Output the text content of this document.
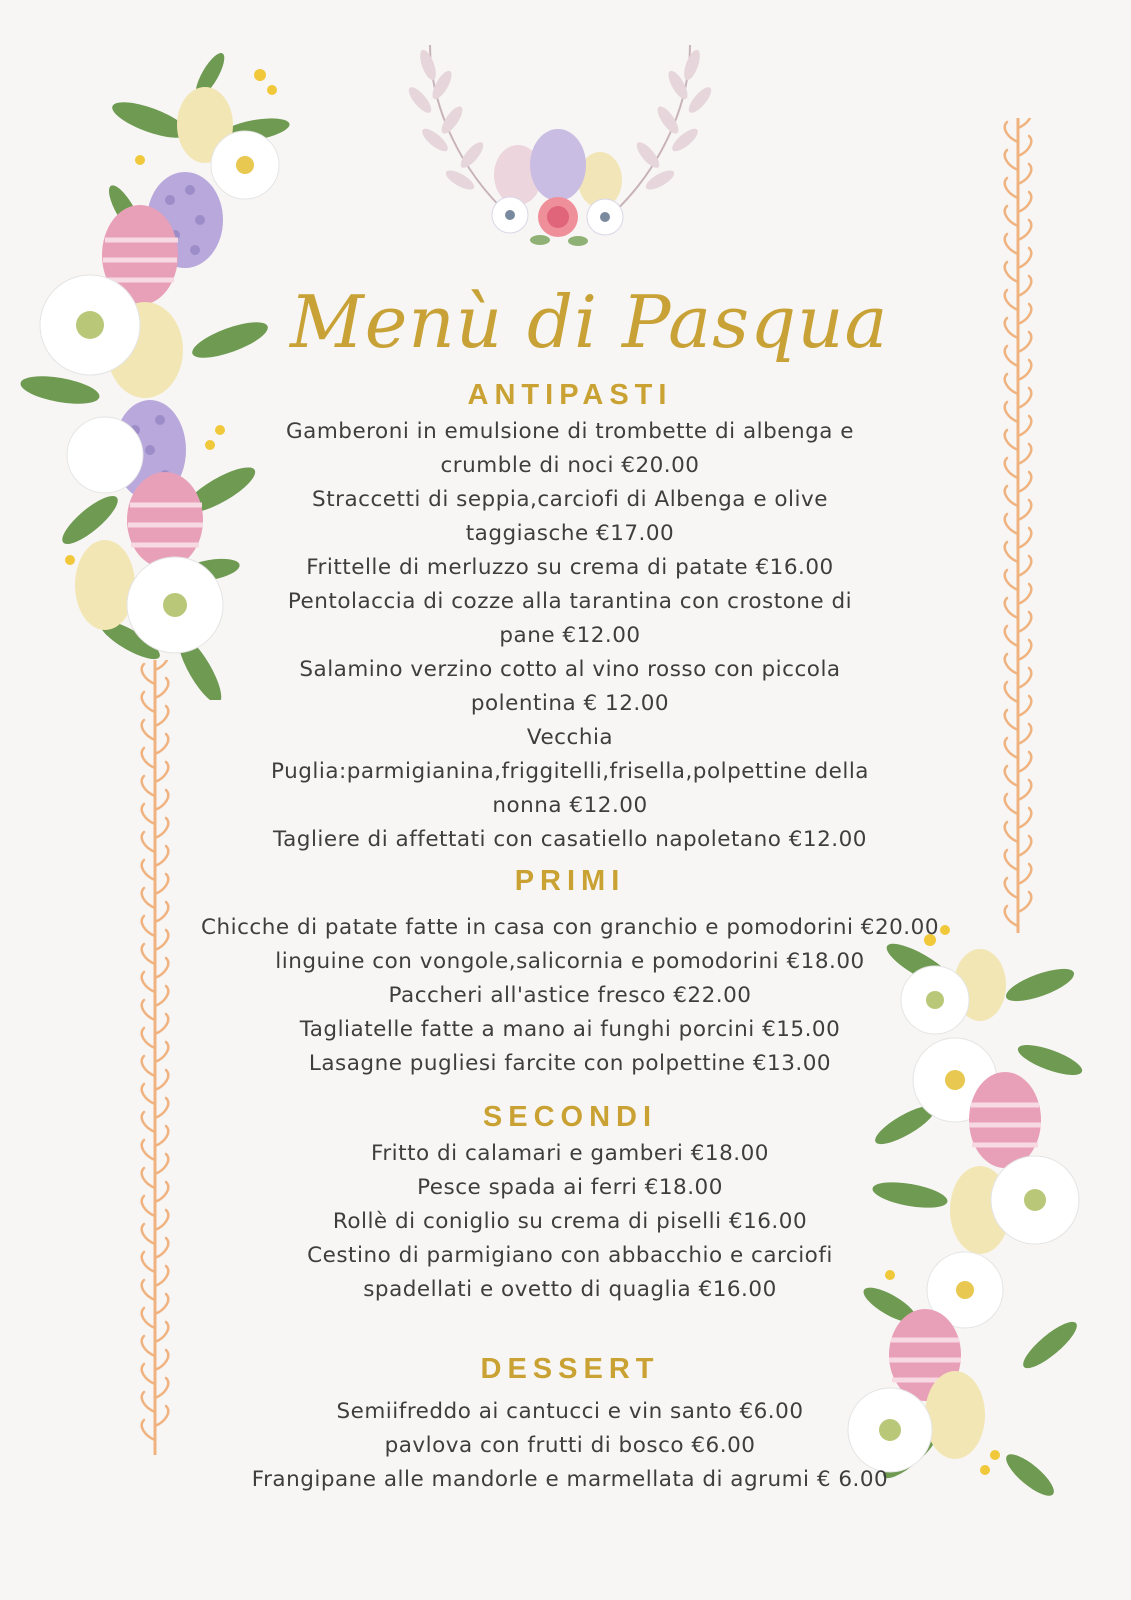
Menù di Pasqua
ANTIPASTI
Gamberoni in emulsione di trombette di albenga e
crumble di noci €20.00
Straccetti di seppia,carciofi di Albenga e olive
taggiasche €17.00
Frittelle di merluzzo su crema di patate €16.00
Pentolaccia di cozze alla tarantina con crostone di
pane €12.00
Salamino verzino cotto al vino rosso con piccola
polentina € 12.00
Vecchia
Puglia:parmigianina,friggitelli,frisella,polpettine della
nonna €12.00
Tagliere di affettati con casatiello napoletano €12.00
PRIMI
Chicche di patate fatte in casa con granchio e pomodorini €20.00
linguine con vongole,salicornia e pomodorini €18.00
Paccheri all'astice fresco €22.00
Tagliatelle fatte a mano ai funghi porcini €15.00
Lasagne pugliesi farcite con polpettine €13.00
SECONDI
Fritto di calamari e gamberi €18.00
Pesce spada ai ferri €18.00
Rollè di coniglio su crema di piselli €16.00
Cestino di parmigiano con abbacchio e carciofi
spadellati e ovetto di quaglia €16.00
DESSERT
Semiifreddo ai cantucci e vin santo €6.00
pavlova con frutti di bosco €6.00
Frangipane alle mandorle e marmellata di agrumi € 6.00
